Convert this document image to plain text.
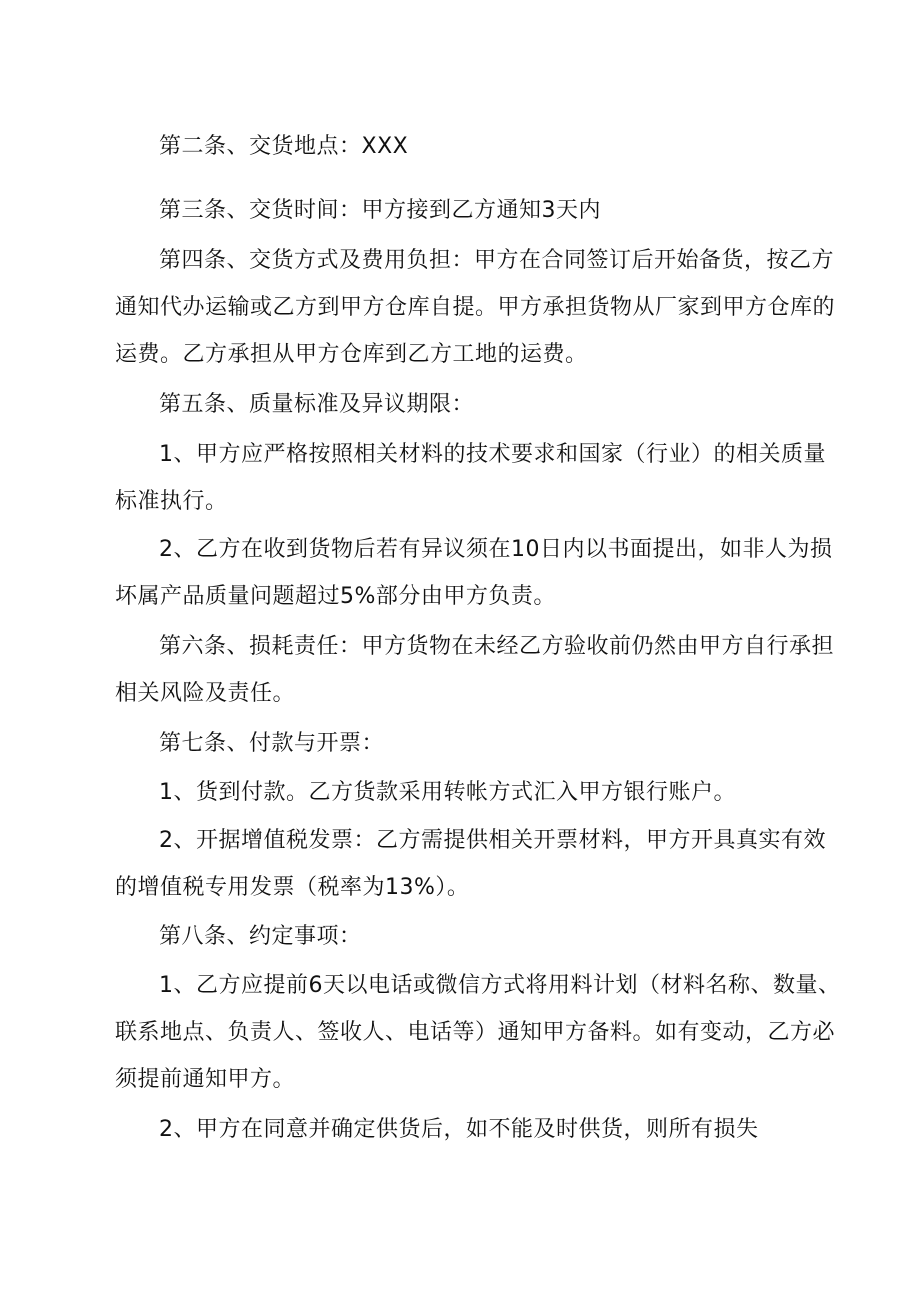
第二条、交货地点：XXX

第三条、交货时间：甲方接到乙方通知3天内

第四条、交货方式及费用负担：甲方在合同签订后开始备货，按乙方通知代办运输或乙方到甲方仓库自提。甲方承担货物从厂家到甲方仓库的运费。乙方承担从甲方仓库到乙方工地的运费。

第五条、质量标准及异议期限：

1、甲方应严格按照相关材料的技术要求和国家（行业）的相关质量标准执行。

2、乙方在收到货物后若有异议须在10日内以书面提出，如非人为损坏属产品质量问题超过5%部分由甲方负责。

第六条、损耗责任：甲方货物在未经乙方验收前仍然由甲方自行承担相关风险及责任。

第七条、付款与开票：

1、货到付款。乙方货款采用转帐方式汇入甲方银行账户。

2、开据增值税发票：乙方需提供相关开票材料，甲方开具真实有效的增值税专用发票（税率为13%）。

第八条、约定事项：

1、乙方应提前6天以电话或微信方式将用料计划（材料名称、数量、联系地点、负责人、签收人、电话等）通知甲方备料。如有变动，乙方必须提前通知甲方。

2、甲方在同意并确定供货后，如不能及时供货，则所有损失
